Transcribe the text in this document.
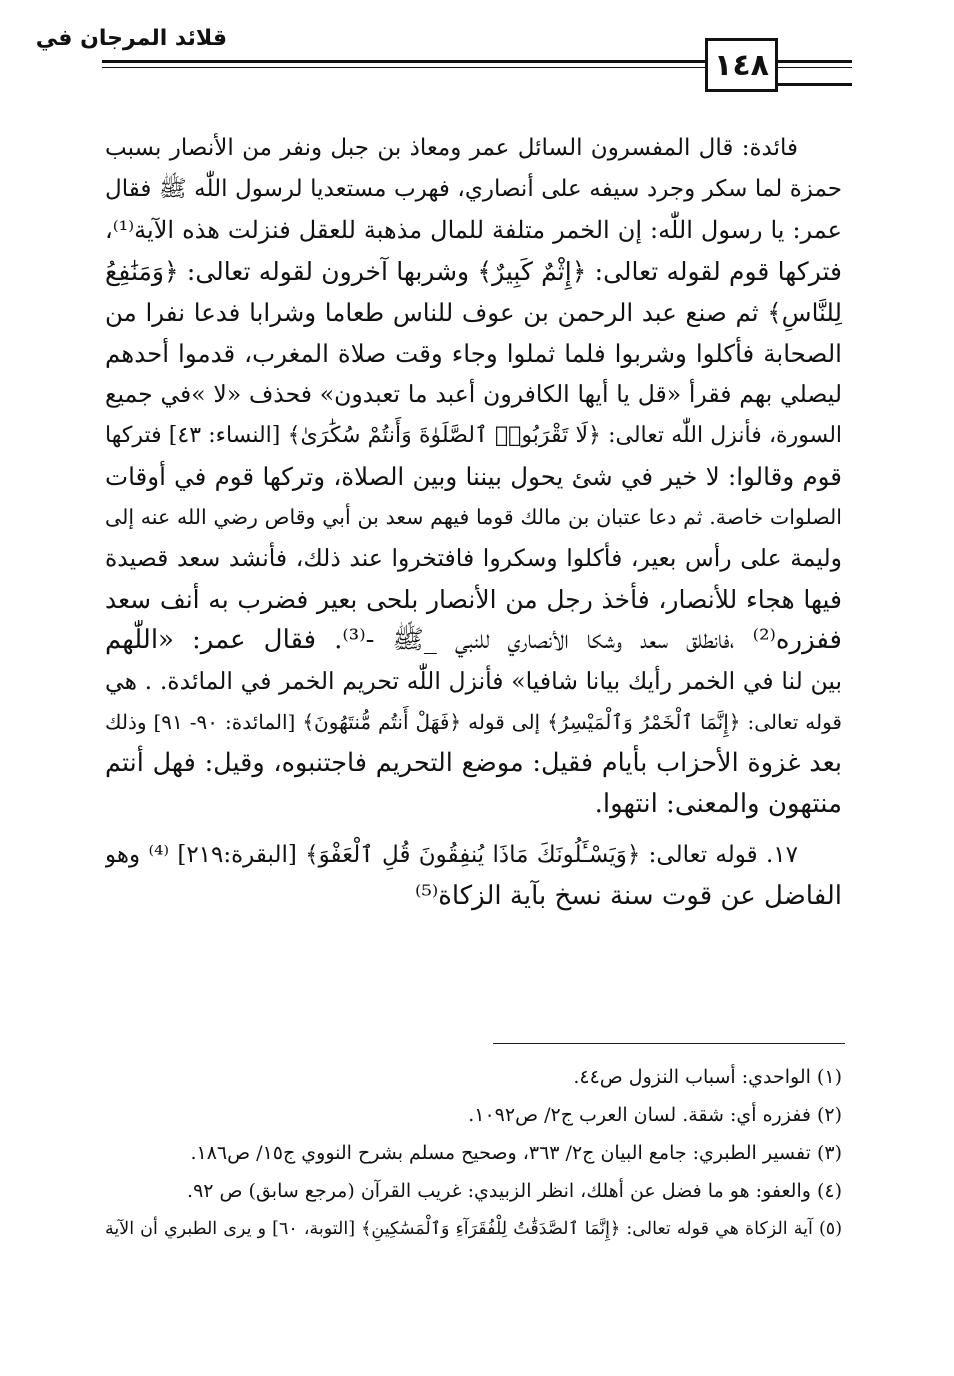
قلائد المرجان في
١٤٨
فائدة: قال المفسرون السائل عمر ومعاذ بن جبل ونفر من الأنصار بسبب
حمزة لما سكر وجرد سيفه على أنصاري، فهرب مستعديا لرسول اللّٰه ﷺ فقال
عمر: يا رسول اللّٰه: إن الخمر متلفة للمال مذهبة للعقل فنزلت هذه الآية⁽¹⁾،
فتركها قوم لقوله تعالى: ﴿إِثْمٌ كَبِيرٌ﴾ وشربها آخرون لقوله تعالى: ﴿وَمَنَٰفِعُ
لِلنَّاسِ﴾ ثم صنع عبد الرحمن بن عوف للناس طعاما وشرابا فدعا نفرا من
الصحابة فأكلوا وشربوا فلما ثملوا وجاء وقت صلاة المغرب، قدموا أحدهم
ليصلي بهم فقرأ «قل يا أيها الكافرون أعبد ما تعبدون» فحذف «لا »في جميع
السورة، فأنزل اللّٰه تعالى: ﴿لَا تَقْرَبُوا۟ ٱلصَّلَوٰةَ وَأَنتُمْ سُكَٰرَىٰ﴾ [النساء: ٤٣] فتركها
قوم وقالوا: لا خير في شئ يحول بيننا وبين الصلاة، وتركها قوم في أوقات
الصلوات خاصة. ثم دعا عتبان بن مالك قوما فيهم سعد بن أبي وقاص رضي الله عنه إلى
وليمة على رأس بعير، فأكلوا وسكروا فافتخروا عند ذلك، فأنشد سعد قصيدة
فيها هجاء للأنصار، فأخذ رجل من الأنصار بلحى بعير فضرب به أنف سعد
ففزره⁽²⁾ ،فانطلق سعد وشكا الأنصاري للنبي _ﷺ -⁽³⁾. فقال عمر: «اللّٰهم
بين لنا في الخمر رأيك بيانا شافيا» فأنزل اللّٰه تحريم الخمر في المائدة. . هي
قوله تعالى: ﴿إِنَّمَا ٱلْخَمْرُ وَٱلْمَيْسِرُ﴾ إلى قوله ﴿فَهَلْ أَنتُم مُّنتَهُونَ﴾ [المائدة: ٩٠- ٩١] وذلك
بعد غزوة الأحزاب بأيام فقيل: موضع التحريم فاجتنبوه، وقيل: فهل أنتم
منتهون والمعنى: انتهوا.
١٧. قوله تعالى: ﴿وَيَسْـَٔلُونَكَ مَاذَا يُنفِقُونَ قُلِ ٱلْعَفْوَ﴾ [البقرة:٢١٩] ⁽⁴⁾ وهو
الفاضل عن قوت سنة نسخ بآية الزكاة⁽⁵⁾
(١) الواحدي: أسباب النزول ص٤٤.
(٢) ففزره أي: شقة. لسان العرب ج٢/ ص١٠٩٢.
(٣) تفسير الطبري: جامع البيان ج٢/ ٣٦٣، وصحيح مسلم بشرح النووي ج١٥/ ص١٨٦.
(٤) والعفو: هو ما فضل عن أهلك، انظر الزبيدي: غريب القرآن (مرجع سابق) ص ٩٢.
(٥) آية الزكاة هي قوله تعالى: ﴿إِنَّمَا ٱلصَّدَقَٰتُ لِلْفُقَرَآءِ وَٱلْمَسَٰكِينِ﴾ [التوبة، ٦٠] و يرى الطبري أن الآية
